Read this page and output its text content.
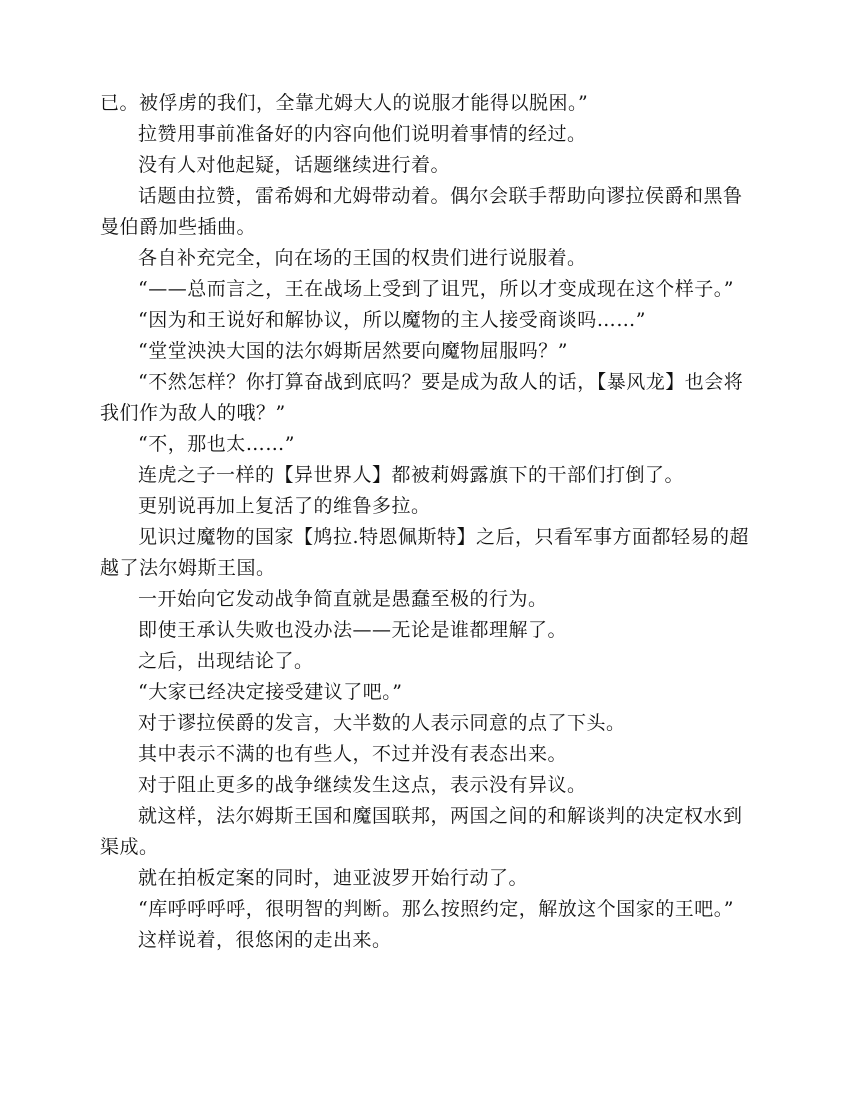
已。被俘虏的我们，全靠尤姆大人的说服才能得以脱困。”

拉赞用事前准备好的内容向他们说明着事情的经过。

没有人对他起疑，话题继续进行着。

话题由拉赞，雷希姆和尤姆带动着。偶尔会联手帮助向谬拉侯爵和黑鲁曼伯爵加些插曲。

各自补充完全，向在场的王国的权贵们进行说服着。

“——总而言之，王在战场上受到了诅咒，所以才变成现在这个样子。”

“因为和王说好和解协议，所以魔物的主人接受商谈吗……”

“堂堂泱泱大国的法尔姆斯居然要向魔物屈服吗？”

“不然怎样？你打算奋战到底吗？要是成为敌人的话，【暴风龙】也会将我们作为敌人的哦？”

“不，那也太……”

连虎之子一样的【异世界人】都被莉姆露旗下的干部们打倒了。

更别说再加上复活了的维鲁多拉。

见识过魔物的国家【鸠拉.特恩佩斯特】之后，只看军事方面都轻易的超越了法尔姆斯王国。

一开始向它发动战争简直就是愚蠢至极的行为。

即使王承认失败也没办法——无论是谁都理解了。

之后，出现结论了。

“大家已经决定接受建议了吧。”

对于谬拉侯爵的发言，大半数的人表示同意的点了下头。

其中表示不满的也有些人，不过并没有表态出来。

对于阻止更多的战争继续发生这点，表示没有异议。

就这样，法尔姆斯王国和魔国联邦，两国之间的和解谈判的决定权水到渠成。

就在拍板定案的同时，迪亚波罗开始行动了。

“库呼呼呼呼，很明智的判断。那么按照约定，解放这个国家的王吧。”

这样说着，很悠闲的走出来。
